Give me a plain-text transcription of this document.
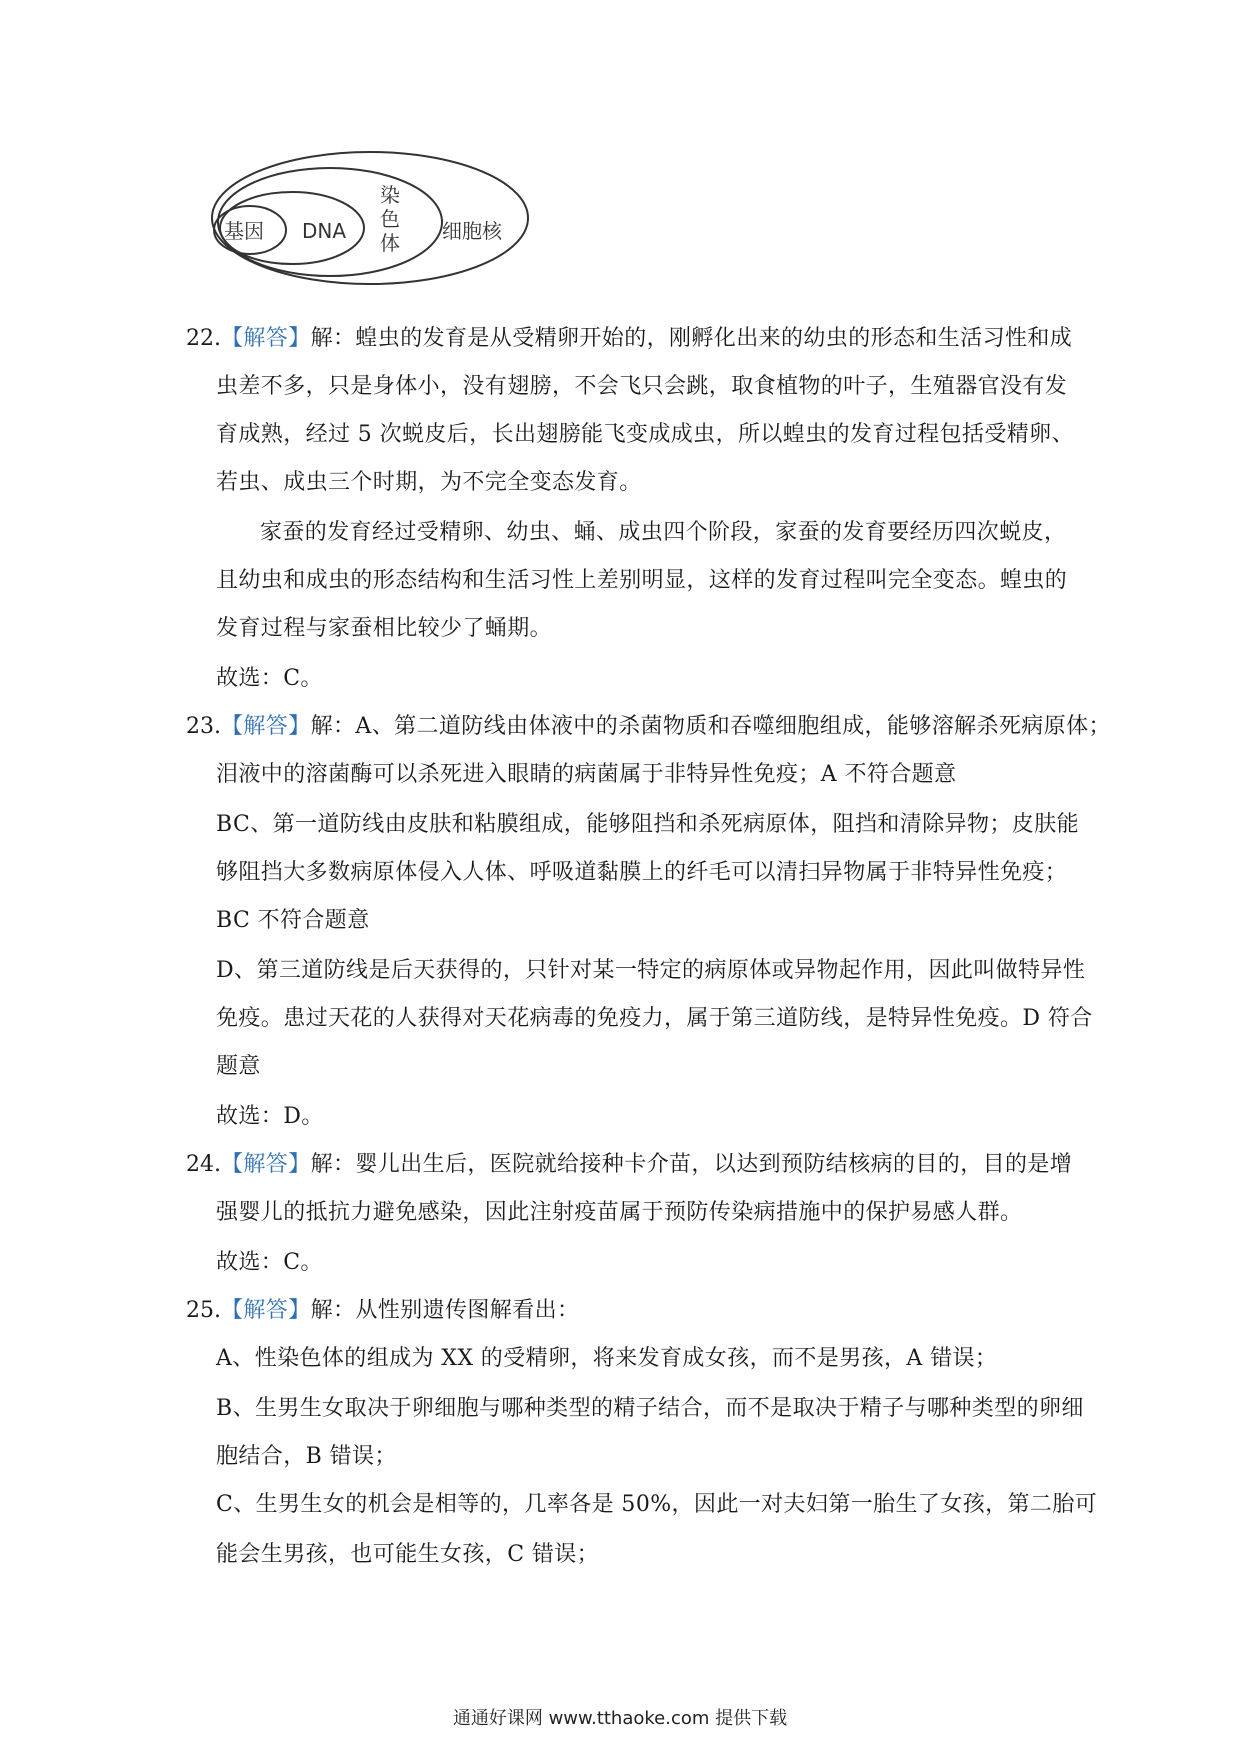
基因 DNA
染
色
体 细胞核
22.【解答】解：蝗虫的发育是从受精卵开始的，刚孵化出来的幼虫的形态和生活习性和成
虫差不多，只是身体小，没有翅膀，不会飞只会跳，取食植物的叶子，生殖器官没有发
育成熟，经过 5 次蜕皮后，长出翅膀能飞变成成虫，所以蝗虫的发育过程包括受精卵、
若虫、成虫三个时期，为不完全变态发育。
家蚕的发育经过受精卵、幼虫、蛹、成虫四个阶段，家蚕的发育要经历四次蜕皮，
且幼虫和成虫的形态结构和生活习性上差别明显，这样的发育过程叫完全变态。蝗虫的
发育过程与家蚕相比较少了蛹期。
故选：C。
23.【解答】解：A、第二道防线由体液中的杀菌物质和吞噬细胞组成，能够溶解杀死病原体；
泪液中的溶菌酶可以杀死进入眼睛的病菌属于非特异性免疫；A 不符合题意
BC、第一道防线由皮肤和粘膜组成，能够阻挡和杀死病原体，阻挡和清除异物；皮肤能
够阻挡大多数病原体侵入人体、呼吸道黏膜上的纤毛可以清扫异物属于非特异性免疫；
BC 不符合题意
D、第三道防线是后天获得的，只针对某一特定的病原体或异物起作用，因此叫做特异性
免疫。患过天花的人获得对天花病毒的免疫力，属于第三道防线，是特异性免疫。D 符合
题意
故选：D。
24.【解答】解：婴儿出生后，医院就给接种卡介苗，以达到预防结核病的目的，目的是增
强婴儿的抵抗力避免感染，因此注射疫苗属于预防传染病措施中的保护易感人群。
故选：C。
25.【解答】解：从性别遗传图解看出：
A、性染色体的组成为 XX 的受精卵，将来发育成女孩，而不是男孩，A 错误；
B、生男生女取决于卵细胞与哪种类型的精子结合，而不是取决于精子与哪种类型的卵细
胞结合，B 错误；
C、生男生女的机会是相等的，几率各是 50%，因此一对夫妇第一胎生了女孩，第二胎可
能会生男孩，也可能生女孩，C 错误；
通通好课网 www.tthaoke.com 提供下载
